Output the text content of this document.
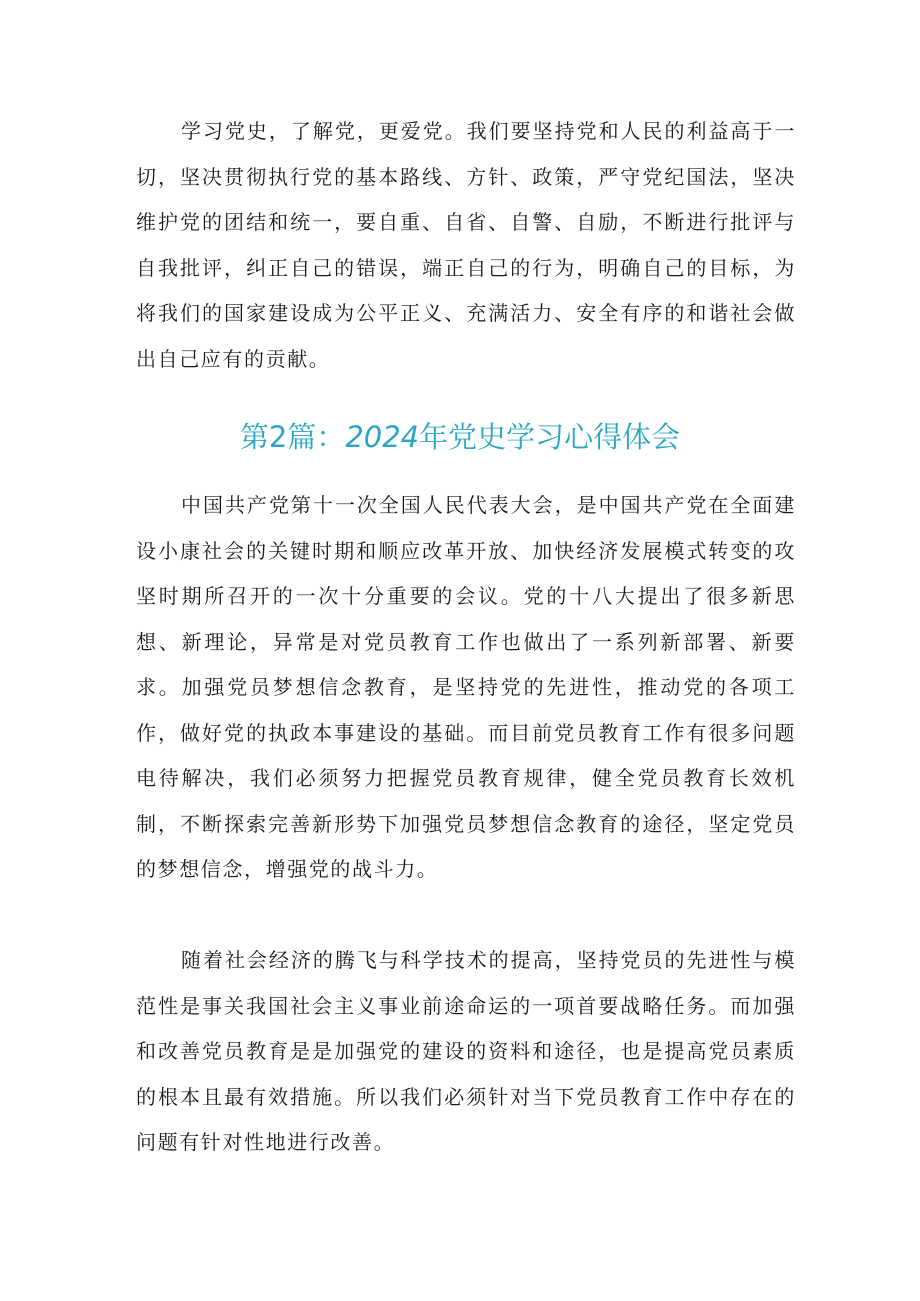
学习党史，了解党，更爱党。我们要坚持党和人民的利益高于一切，坚决贯彻执行党的基本路线、方针、政策，严守党纪国法，坚决维护党的团结和统一，要自重、自省、自警、自励，不断进行批评与自我批评，纠正自己的错误，端正自己的行为，明确自己的目标，为将我们的国家建设成为公平正义、充满活力、安全有序的和谐社会做出自己应有的贡献。

第2篇：2024年党史学习心得体会

中国共产党第十一次全国人民代表大会，是中国共产党在全面建设小康社会的关键时期和顺应改革开放、加快经济发展模式转变的攻坚时期所召开的一次十分重要的会议。党的十八大提出了很多新思想、新理论，异常是对党员教育工作也做出了一系列新部署、新要求。加强党员梦想信念教育，是坚持党的先进性，推动党的各项工作，做好党的执政本事建设的基础。而目前党员教育工作有很多问题电待解决，我们必须努力把握党员教育规律，健全党员教育长效机制，不断探索完善新形势下加强党员梦想信念教育的途径，坚定党员的梦想信念，增强党的战斗力。

随着社会经济的腾飞与科学技术的提高，坚持党员的先进性与模范性是事关我国社会主义事业前途命运的一项首要战略任务。而加强和改善党员教育是是加强党的建设的资料和途径，也是提高党员素质的根本且最有效措施。所以我们必须针对当下党员教育工作中存在的问题有针对性地进行改善。
